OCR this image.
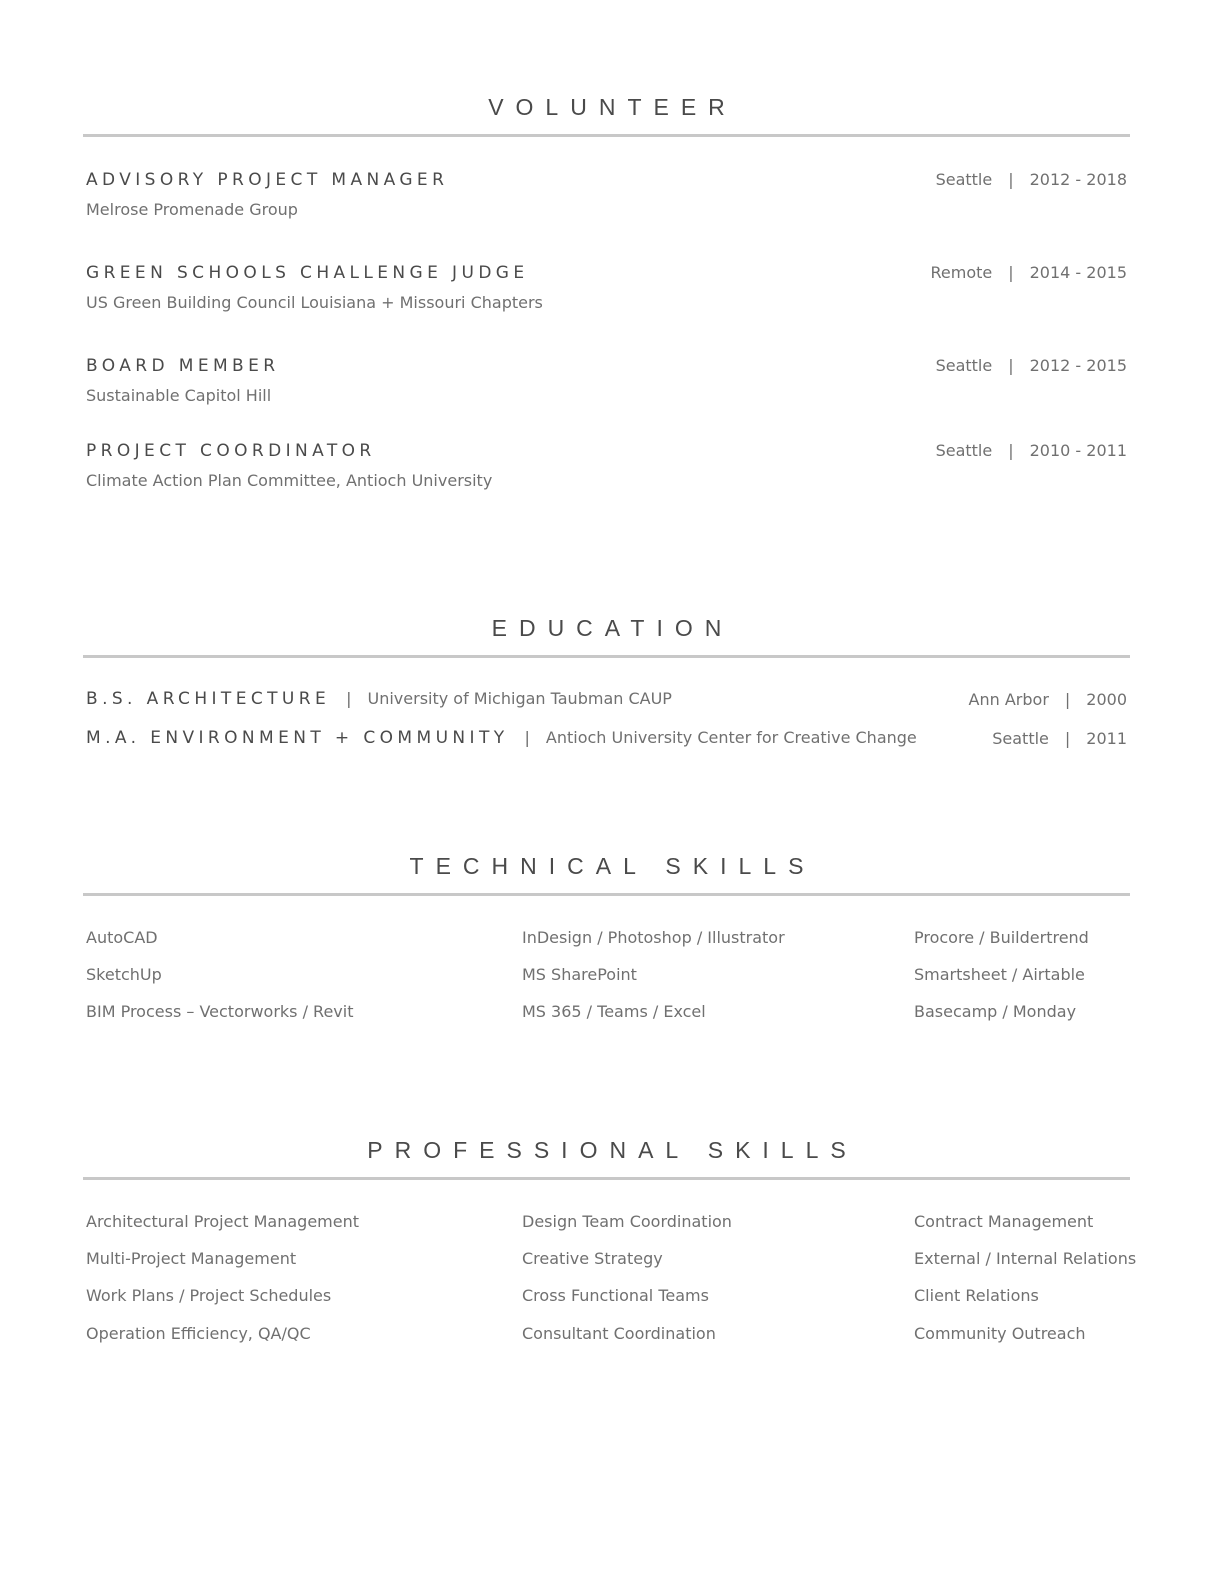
VOLUNTEER
ADVISORY PROJECT MANAGER
Melrose Promenade Group
Seattle | 2012 - 2018
GREEN SCHOOLS CHALLENGE JUDGE
US Green Building Council Louisiana + Missouri Chapters
Remote | 2014 - 2015
BOARD MEMBER
Sustainable Capitol Hill
Seattle | 2012 - 2015
PROJECT COORDINATOR
Climate Action Plan Committee, Antioch University
Seattle | 2010 - 2011
EDUCATION
B.S. ARCHITECTURE | University of Michigan Taubman CAUP	Ann Arbor | 2000
M.A. ENVIRONMENT + COMMUNITY | Antioch University Center for Creative Change	Seattle | 2011
TECHNICAL SKILLS
AutoCAD
SketchUp
BIM Process – Vectorworks / Revit
InDesign / Photoshop / Illustrator
MS SharePoint
MS 365 / Teams / Excel
Procore / Buildertrend
Smartsheet / Airtable
Basecamp / Monday
PROFESSIONAL SKILLS
Architectural Project Management
Multi-Project Management
Work Plans / Project Schedules
Operation Efficiency, QA/QC
Design Team Coordination
Creative Strategy
Cross Functional Teams
Consultant Coordination
Contract Management
External / Internal Relations
Client Relations
Community Outreach
